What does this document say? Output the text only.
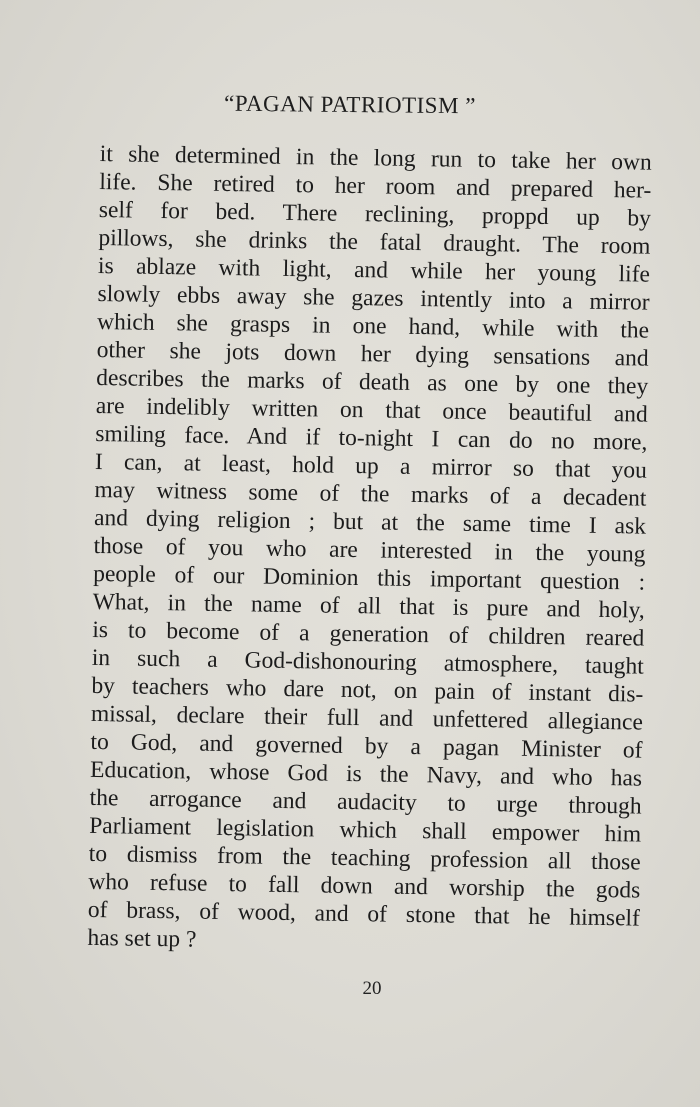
“PAGAN PATRIOTISM ”
it she determined in the long run to take her own
life. She retired to her room and prepared her-
self for bed. There reclining, proppd up by
pillows, she drinks the fatal draught. The room
is ablaze with light, and while her young life
slowly ebbs away she gazes intently into a mirror
which she grasps in one hand, while with the
other she jots down her dying sensations and
describes the marks of death as one by one they
are indelibly written on that once beautiful and
smiling face. And if to-night I can do no more,
I can, at least, hold up a mirror so that you
may witness some of the marks of a decadent
and dying religion ; but at the same time I ask
those of you who are interested in the young
people of our Dominion this important question :
What, in the name of all that is pure and holy,
is to become of a generation of children reared
in such a God-dishonouring atmosphere, taught
by teachers who dare not, on pain of instant dis-
missal, declare their full and unfettered allegiance
to God, and governed by a pagan Minister of
Education, whose God is the Navy, and who has
the arrogance and audacity to urge through
Parliament legislation which shall empower him
to dismiss from the teaching profession all those
who refuse to fall down and worship the gods
of brass, of wood, and of stone that he himself
has set up ?
20
